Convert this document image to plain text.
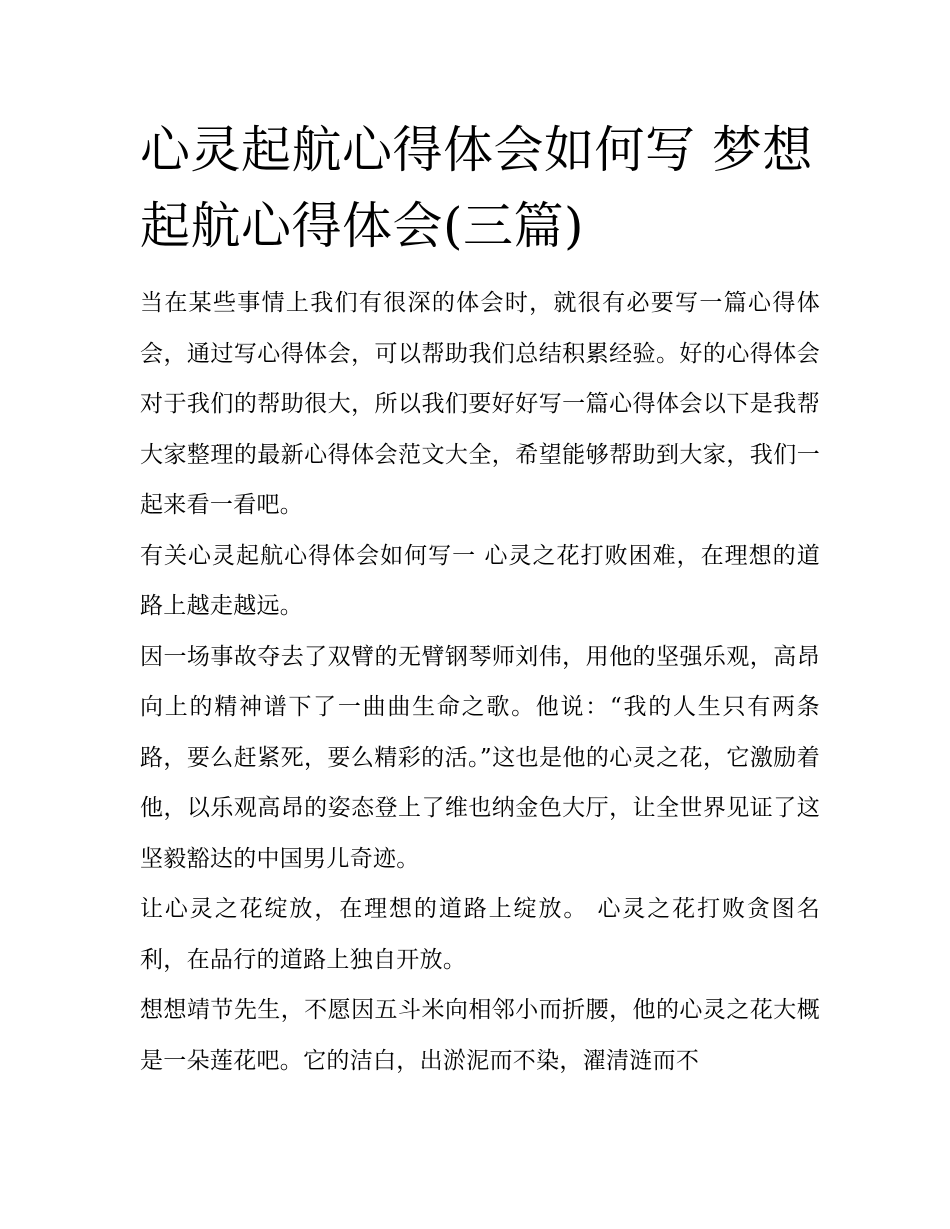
心灵起航心得体会如何写 梦想起航心得体会(三篇)

当在某些事情上我们有很深的体会时，就很有必要写一篇心得体会，通过写心得体会，可以帮助我们总结积累经验。好的心得体会对于我们的帮助很大，所以我们要好好写一篇心得体会以下是我帮大家整理的最新心得体会范文大全，希望能够帮助到大家，我们一起来看一看吧。

有关心灵起航心得体会如何写一 心灵之花打败困难，在理想的道路上越走越远。

因一场事故夺去了双臂的无臂钢琴师刘伟，用他的坚强乐观，高昂向上的精神谱下了一曲曲生命之歌。他说：“我的人生只有两条路，要么赶紧死，要么精彩的活。”这也是他的心灵之花，它激励着他，以乐观高昂的姿态登上了维也纳金色大厅，让全世界见证了这坚毅豁达的中国男儿奇迹。

让心灵之花绽放，在理想的道路上绽放。 心灵之花打败贪图名利，在品行的道路上独自开放。

想想靖节先生，不愿因五斗米向相邻小而折腰，他的心灵之花大概是一朵莲花吧。它的洁白，出淤泥而不染，濯清涟而不
